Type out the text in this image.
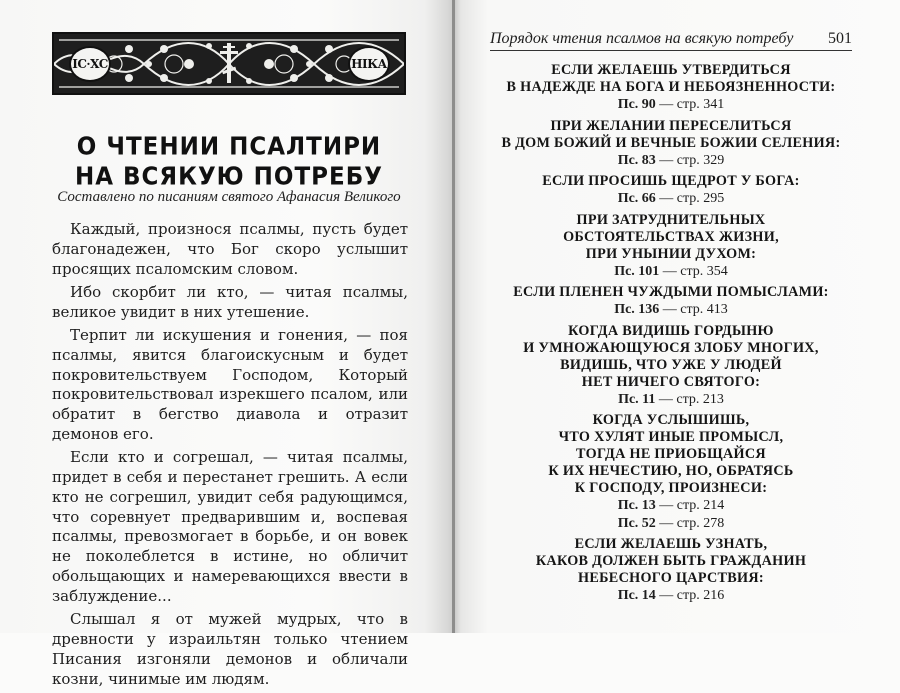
IC·XC	НІКА
О ЧТЕНИИ ПСАЛТИРИ
НА ВСЯКУЮ ПОТРЕБУ
Составлено по писаниям святого Афанасия Великого

Каждый, произнося псалмы, пусть будет благонадежен, что Бог скоро услышит просящих псаломским словом.

Ибо скорбит ли кто, — читая псалмы, великое увидит в них утешение.

Терпит ли искушения и гонения, — поя псалмы, явится благоискусным и будет покровительствуем Господом, Который покровительствовал изрекшего псалом, или обратит в бегство диавола и отразит демонов его.

Если кто и согрешал, — читая псалмы, придет в себя и перестанет грешить. А если кто не согрешил, увидит себя радующимся, что соревнует предварившим и, воспевая псалмы, превозмогает в борьбе, и он вовек не поколеблется в истине, но обличит обольщающих и намеревающихся ввести в заблуждение...

Слышал я от мужей мудрых, что в древности у израильтян только чтением Писания изгоняли демонов и обличали козни, чинимые им людям.

Порядок чтения псалмов на всякую потребу 501
ЕСЛИ ЖЕЛАЕШЬ УТВЕРДИТЬСЯ
В НАДЕЖДЕ НА БОГА И НЕБОЯЗНЕННОСТИ:
Пс. 90 — стр. 341
ПРИ ЖЕЛАНИИ ПЕРЕСЕЛИТЬСЯ
В ДОМ БОЖИЙ И ВЕЧНЫЕ БОЖИИ СЕЛЕНИЯ:
Пс. 83 — стр. 329
ЕСЛИ ПРОСИШЬ ЩЕДРОТ У БОГА:
Пс. 66 — стр. 295
ПРИ ЗАТРУДНИТЕЛЬНЫХ
ОБСТОЯТЕЛЬСТВАХ ЖИЗНИ,
ПРИ УНЫНИИ ДУХОМ:
Пс. 101 — стр. 354
ЕСЛИ ПЛЕНЕН ЧУЖДЫМИ ПОМЫСЛАМИ:
Пс. 136 — стр. 413
КОГДА ВИДИШЬ ГОРДЫНЮ
И УМНОЖАЮЩУЮСЯ ЗЛОБУ МНОГИХ,
ВИДИШЬ, ЧТО УЖЕ У ЛЮДЕЙ
НЕТ НИЧЕГО СВЯТОГО:
Пс. 11 — стр. 213
КОГДА УСЛЫШИШЬ,
ЧТО ХУЛЯТ ИНЫЕ ПРОМЫСЛ,
ТОГДА НЕ ПРИОБЩАЙСЯ
К ИХ НЕЧЕСТИЮ, НО, ОБРАТЯСЬ
К ГОСПОДУ, ПРОИЗНЕСИ:
Пс. 13 — стр. 214
Пс. 52 — стр. 278
ЕСЛИ ЖЕЛАЕШЬ УЗНАТЬ,
КАКОВ ДОЛЖЕН БЫТЬ ГРАЖДАНИН
НЕБЕСНОГО ЦАРСТВИЯ:
Пс. 14 — стр. 216
